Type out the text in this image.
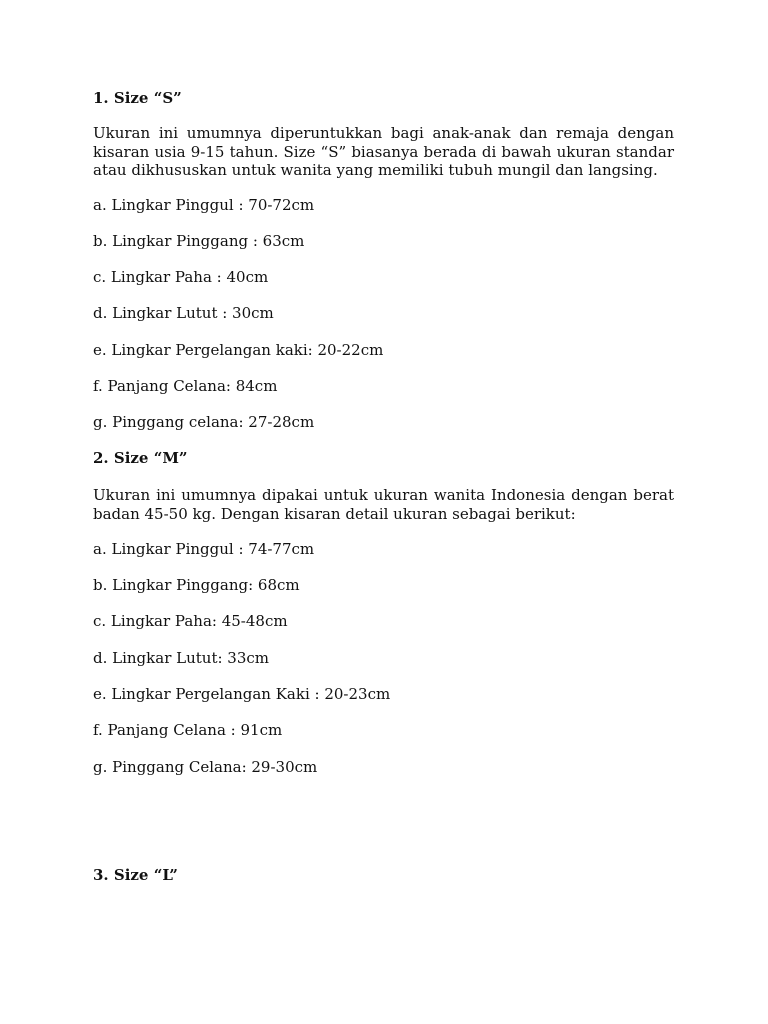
1. Size “S”
Ukuran ini umumnya diperuntukkan bagi anak-anak dan remaja dengan kisaran usia 9-15 tahun. Size “S” biasanya berada di bawah ukuran standar atau dikhususkan untuk wanita yang memiliki tubuh mungil dan langsing.
a. Lingkar Pinggul : 70-72cm
b. Lingkar Pinggang : 63cm
c. Lingkar Paha : 40cm
d. Lingkar Lutut : 30cm
e. Lingkar Pergelangan kaki: 20-22cm
f. Panjang Celana: 84cm
g. Pinggang celana: 27-28cm
2. Size “M”
Ukuran ini umumnya dipakai untuk ukuran wanita Indonesia dengan berat badan 45-50 kg. Dengan kisaran detail ukuran sebagai berikut:
a. Lingkar Pinggul : 74-77cm
b. Lingkar Pinggang: 68cm
c. Lingkar Paha: 45-48cm
d. Lingkar Lutut: 33cm
e. Lingkar Pergelangan Kaki : 20-23cm
f. Panjang Celana : 91cm
g. Pinggang Celana: 29-30cm
3. Size “L”
